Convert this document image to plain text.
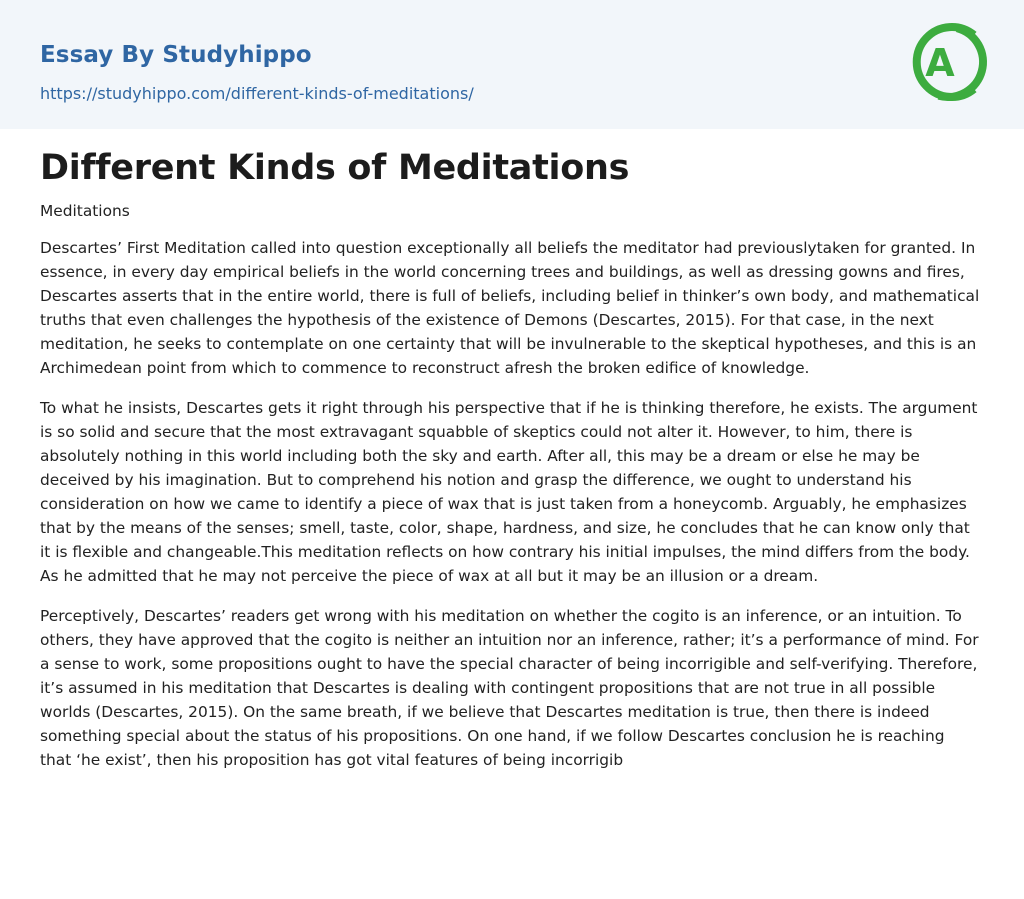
Essay By Studyhippo
https://studyhippo.com/different-kinds-of-meditations/
A
Different Kinds of Meditations
Meditations

Descartes’ First Meditation called into question exceptionally all beliefs the meditator had previouslytaken for granted. In essence, in every day empirical beliefs in the world concerning trees and buildings, as well as dressing gowns and fires, Descartes asserts that in the entire world, there is full of beliefs, including belief in thinker’s own body, and mathematical truths that even challenges the hypothesis of the existence of Demons (Descartes, 2015). For that case, in the next meditation, he seeks to contemplate on one certainty that will be invulnerable to the skeptical hypotheses, and this is an Archimedean point from which to commence to reconstruct afresh the broken edifice of knowledge.

To what he insists, Descartes gets it right through his perspective that if he is thinking therefore, he exists. The argument is so solid and secure that the most extravagant squabble of skeptics could not alter it. However, to him, there is absolutely nothing in this world including both the sky and earth. After all, this may be a dream or else he may be deceived by his imagination. But to comprehend his notion and grasp the difference, we ought to understand his consideration on how we came to identify a piece of wax that is just taken from a honeycomb. Arguably, he emphasizes that by the means of the senses; smell, taste, color, shape, hardness, and size, he concludes that he can know only that it is flexible and changeable.This meditation reflects on how contrary his initial impulses, the mind differs from the body. As he admitted that he may not perceive the piece of wax at all but it may be an illusion or a dream.

Perceptively, Descartes’ readers get wrong with his meditation on whether the cogito is an inference, or an intuition. To others, they have approved that the cogito is neither an intuition nor an inference, rather; it’s a performance of mind. For a sense to work, some propositions ought to have the special character of being incorrigible and self-verifying. Therefore, it’s assumed in his meditation that Descartes is dealing with contingent propositions that are not true in all possible worlds (Descartes, 2015). On the same breath, if we believe that Descartes meditation is true, then there is indeed something special about the status of his propositions. On one hand, if we follow Descartes conclusion he is reaching that ‘he exist’, then his proposition has got vital features of being incorrigib
